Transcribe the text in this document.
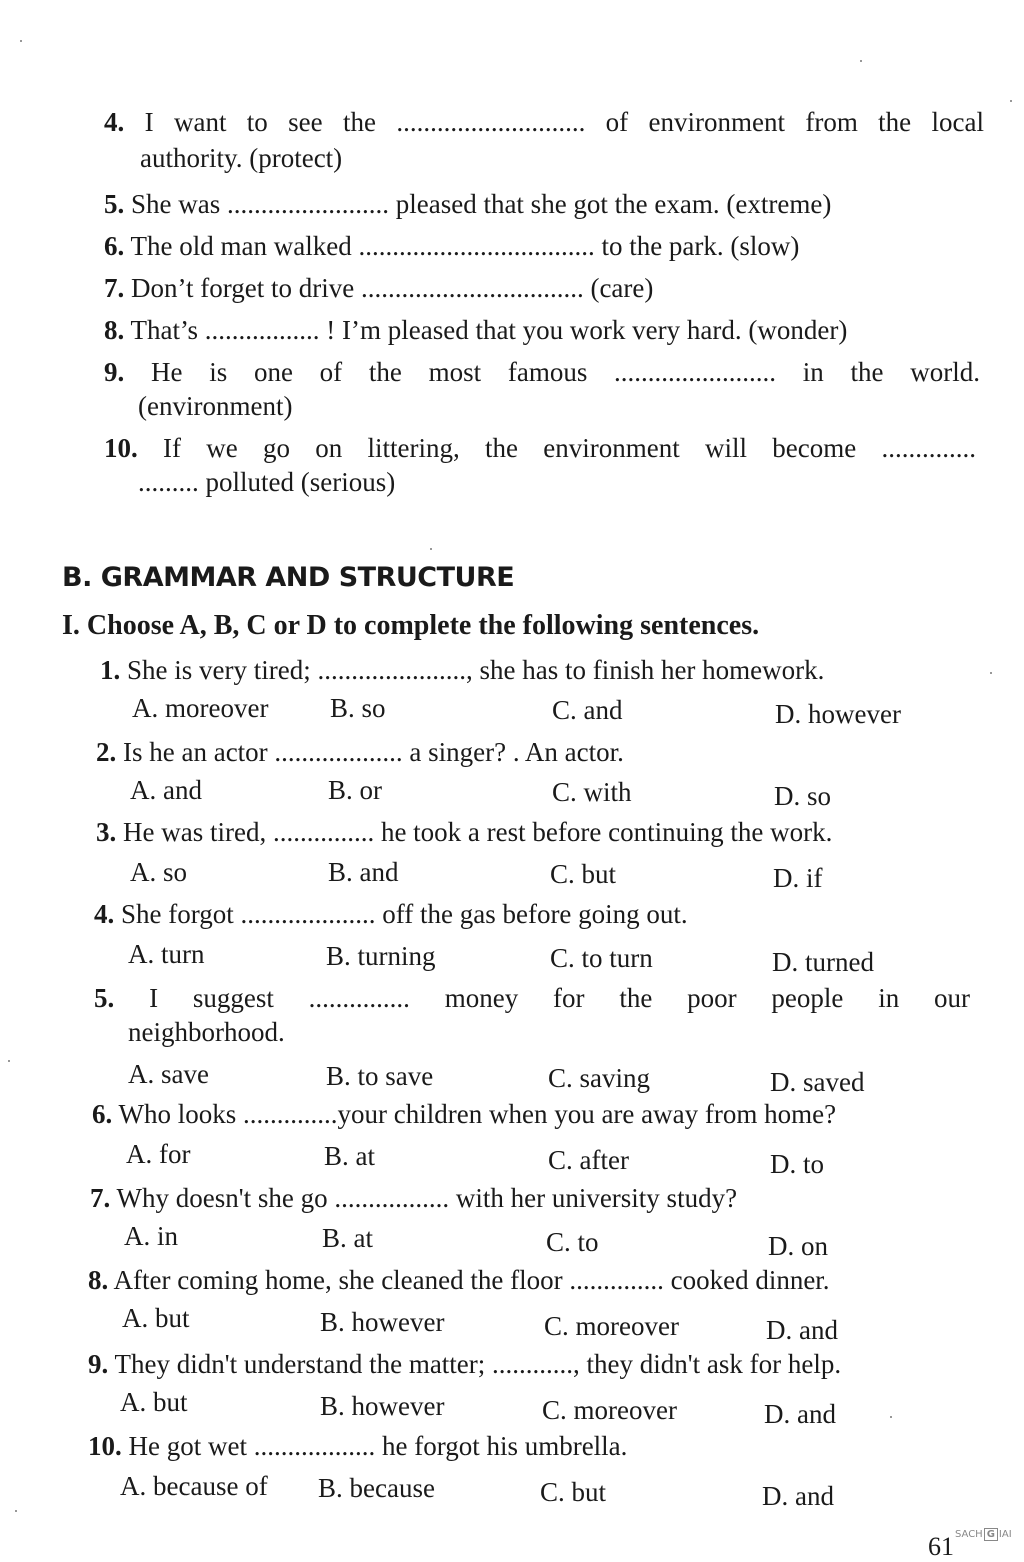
4. I want to see the ............................ of environment from the local
authority. (protect)
5. She was ........................ pleased that she got the exam. (extreme)
6. The old man walked ................................... to the park. (slow)
7. Don’t forget to drive ................................. (care)
8. That’s ................. ! I’m pleased that you work very hard. (wonder)
9. He is one of the most famous ........................ in the world.
(environment)
10. If we go on littering, the environment will become ..............
......... polluted (serious)
B. GRAMMAR AND STRUCTURE
I. Choose A, B, C or D to complete the following sentences.
1. She is very tired; ......................, she has to finish her homework.
A. moreover B. so	C. and	D. however
2. Is he an actor ................... a singer? . An actor.
A. and	B. or	C. with	D. so
3. He was tired, ............... he took a rest before continuing the work.
A. so	B. and	C. but	D. if
4. She forgot .................... off the gas before going out.
A. turn	B. turning	C. to turn	D. turned
5. I suggest ............... money for the poor people in our
neighborhood.
A. save	B. to save	C. saving	D. saved
6. Who looks ..............your children when you are away from home?
A. for	B. at	C. after	D. to
7. Why doesn't she go ................. with her university study?
A. in	B. at	C. to	D. on
8. After coming home, she cleaned the floor .............. cooked dinner.
A. but	B. however	C. moreover	D. and
9. They didn't understand the matter; ............, they didn't ask for help.
A. but	B. however	C. moreover	D. and
10. He got wet .................. he forgot his umbrella.
A. because of B. because	C. but	D. and
61 SACH G IAI
